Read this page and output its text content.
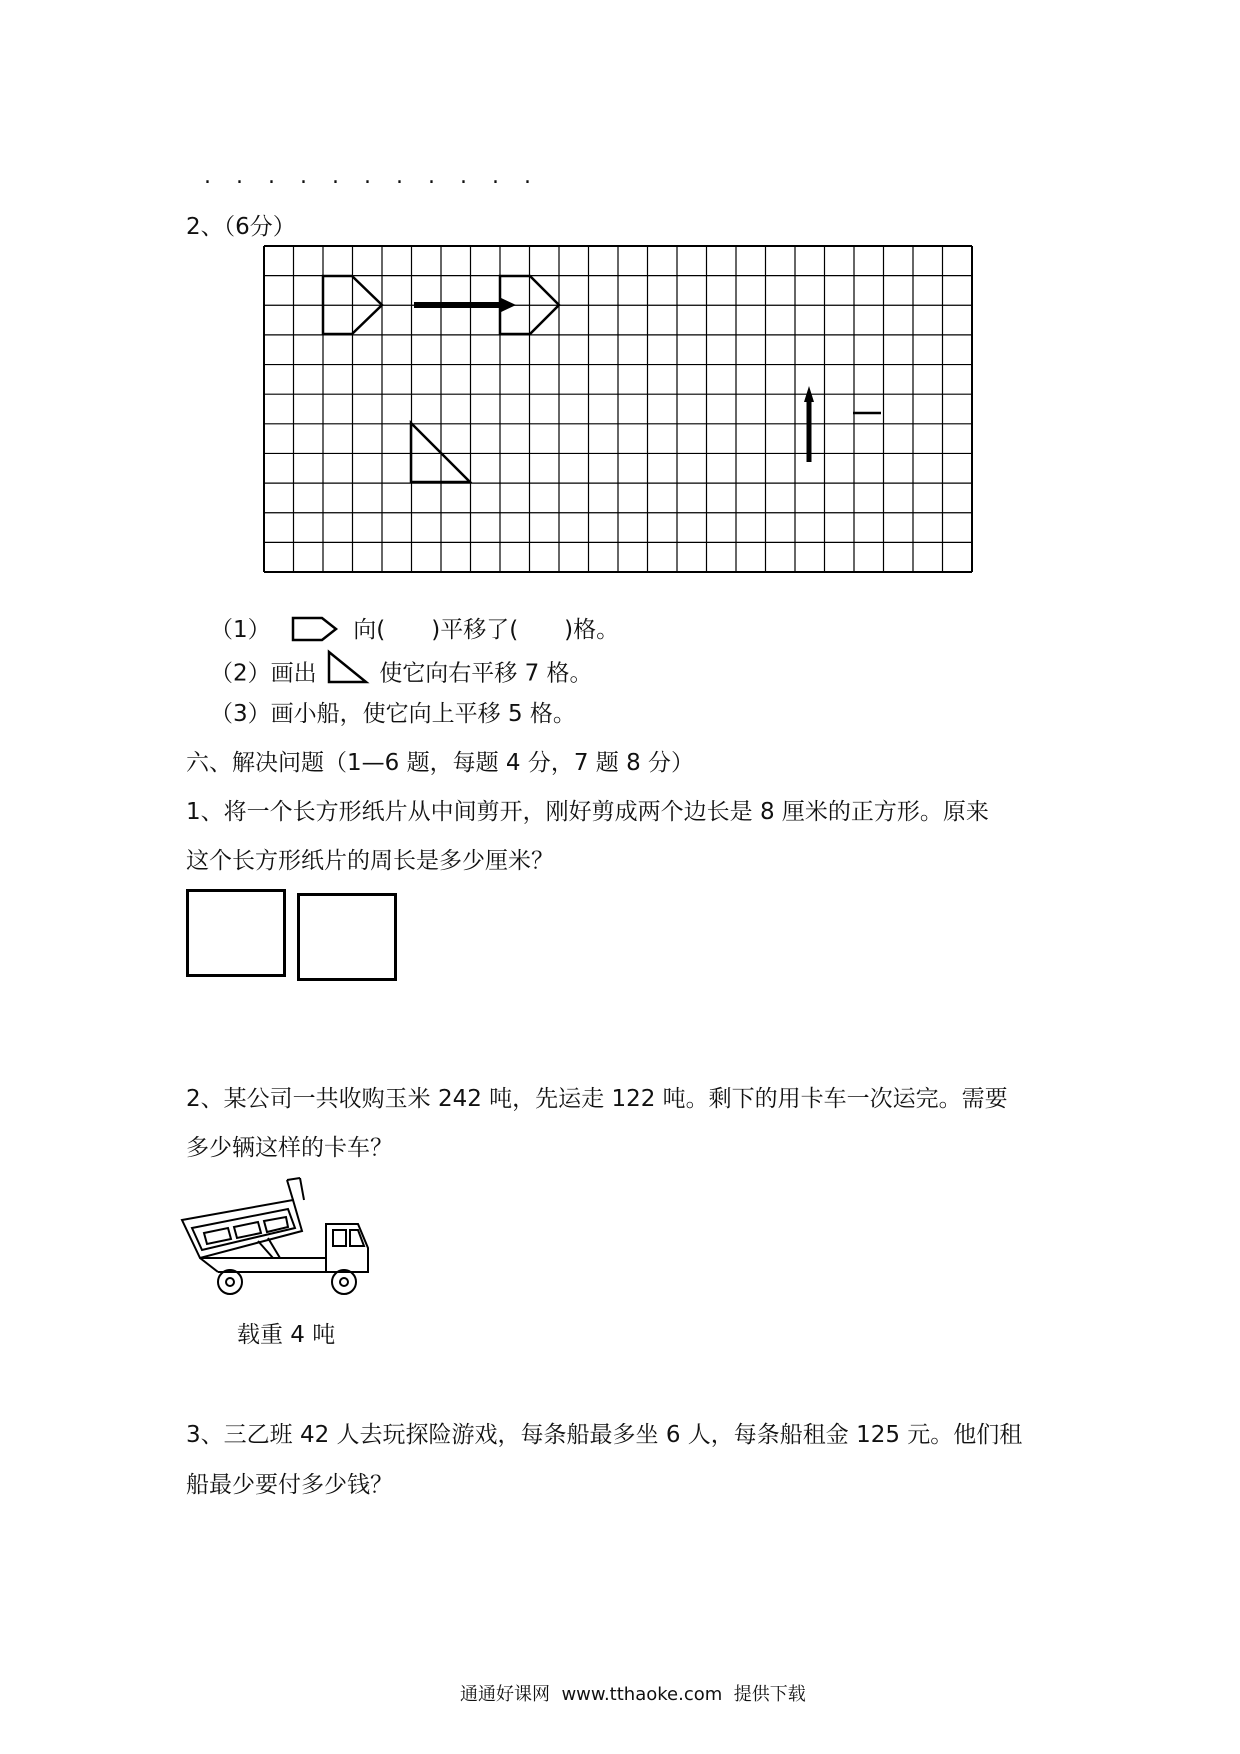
. . . . . . . . . . .
2、（6分）
（1）	向(　　)平移了(　　)格。
（2）画出	使它向右平移 7 格。
（3）画小船，使它向上平移 5 格。
六、解决问题（1—6 题，每题 4 分，7 题 8 分）
1、将一个长方形纸片从中间剪开，刚好剪成两个边长是 8 厘米的正方形。原来
这个长方形纸片的周长是多少厘米？
2、某公司一共收购玉米 242 吨，先运走 122 吨。剩下的用卡车一次运完。需要
多少辆这样的卡车？
载重 4 吨
3、三乙班 42 人去玩探险游戏，每条船最多坐 6 人，每条船租金 125 元。他们租
船最少要付多少钱？
通通好课网  www.tthaoke.com  提供下载
